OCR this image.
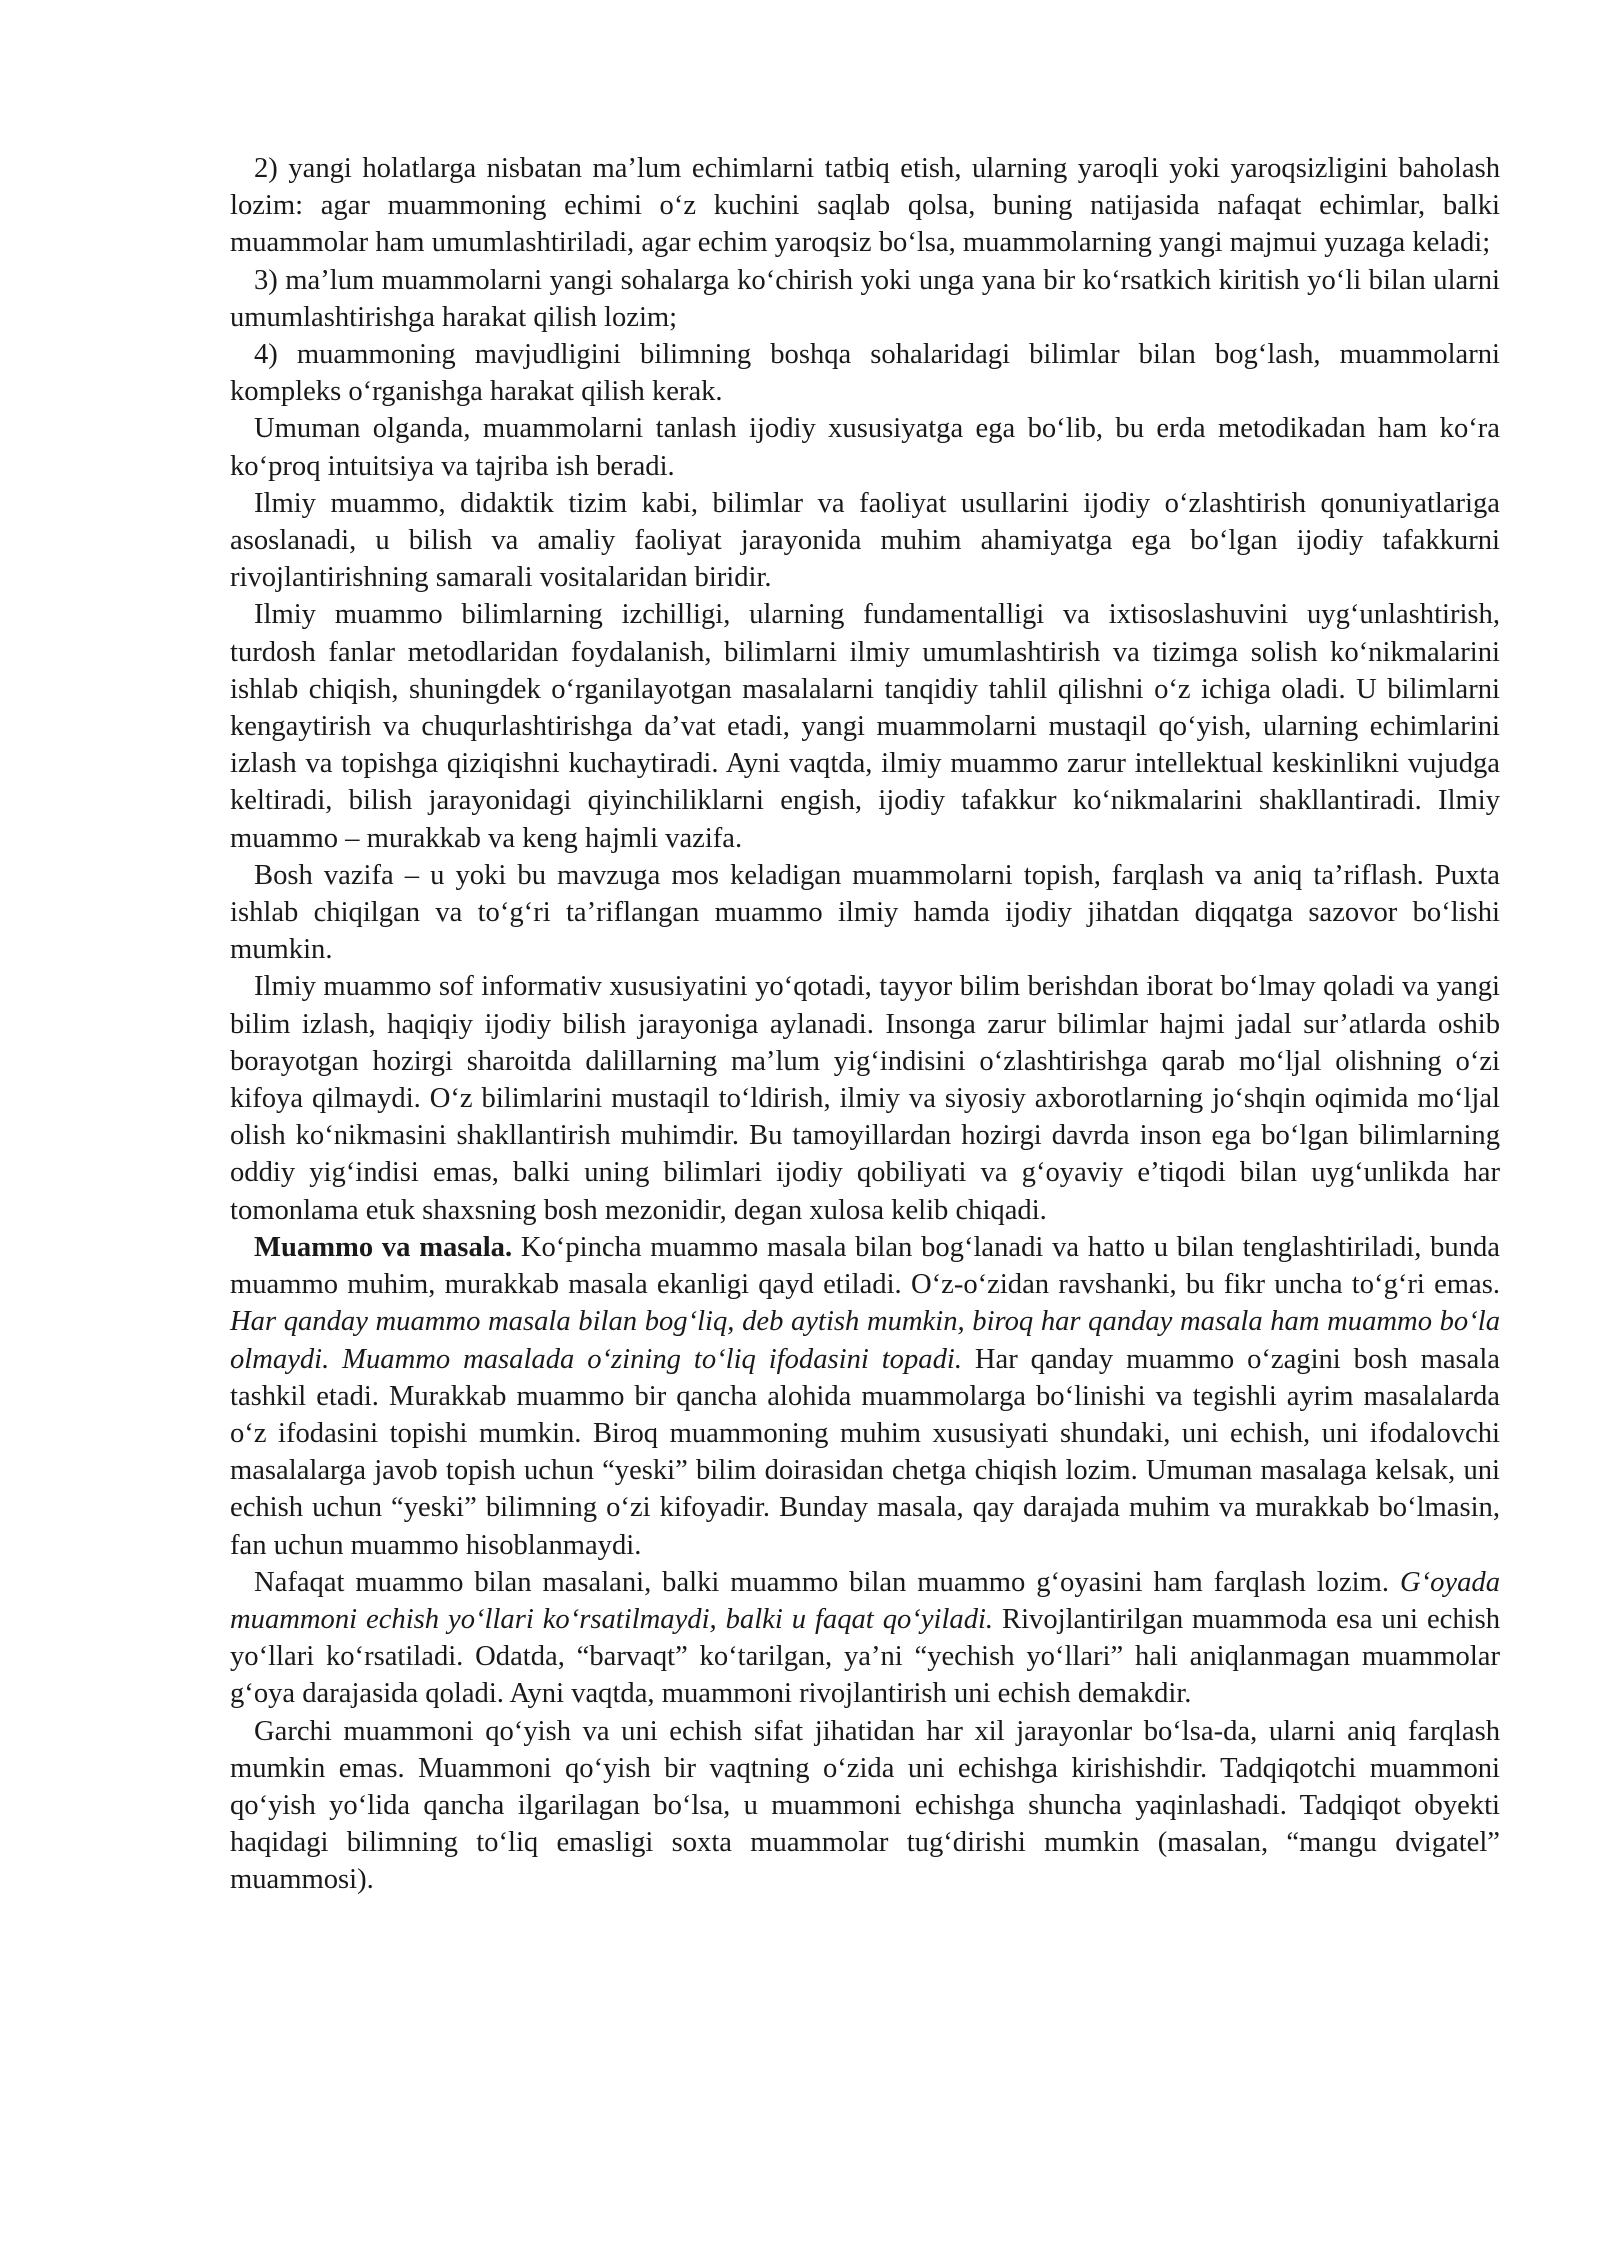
2) yangi holatlarga nisbatan ma’lum echimlarni tatbiq etish, ularning yaroqli yoki yaroqsizligini baholash lozim: agar muammoning echimi o‘z kuchini saqlab qolsa, buning natijasida nafaqat echimlar, balki muammolar ham umumlashtiriladi, agar echim yaroqsiz bo‘lsa, muammolarning yangi majmui yuzaga keladi;

3) ma’lum muammolarni yangi sohalarga ko‘chirish yoki unga yana bir ko‘rsatkich kiritish yo‘li bilan ularni umumlashtirishga harakat qilish lozim;

4) muammoning mavjudligini bilimning boshqa sohalaridagi bilimlar bilan bog‘lash, muammolarni kompleks o‘rganishga harakat qilish kerak.

Umuman olganda, muammolarni tanlash ijodiy xususiyatga ega bo‘lib, bu erda metodikadan ham ko‘ra ko‘proq intuitsiya va tajriba ish beradi.

Ilmiy muammo, didaktik tizim kabi, bilimlar va faoliyat usullarini ijodiy o‘zlashtirish qonuniyatlariga asoslanadi, u bilish va amaliy faoliyat jarayonida muhim ahamiyatga ega bo‘lgan ijodiy tafakkurni rivojlantirishning samarali vositalaridan biridir.

Ilmiy muammo bilimlarning izchilligi, ularning fundamentalligi va ixtisoslashuvini uyg‘unlashtirish, turdosh fanlar metodlaridan foydalanish, bilimlarni ilmiy umumlashtirish va tizimga solish ko‘nikmalarini ishlab chiqish, shuningdek o‘rganilayotgan masalalarni tanqidiy tahlil qilishni o‘z ichiga oladi. U bilimlarni kengaytirish va chuqurlashtirishga da’vat etadi, yangi muammolarni mustaqil qo‘yish, ularning echimlarini izlash va topishga qiziqishni kuchaytiradi. Ayni vaqtda, ilmiy muammo zarur intellektual keskinlikni vujudga keltiradi, bilish jarayonidagi qiyinchiliklarni engish, ijodiy tafakkur ko‘nikmalarini shakllantiradi. Ilmiy muammo – murakkab va keng hajmli vazifa.

Bosh vazifa – u yoki bu mavzuga mos keladigan muammolarni topish, farqlash va aniq ta’riflash. Puxta ishlab chiqilgan va to‘g‘ri ta’riflangan muammo ilmiy hamda ijodiy jihatdan diqqatga sazovor bo‘lishi mumkin.

Ilmiy muammo sof informativ xususiyatini yo‘qotadi, tayyor bilim berishdan iborat bo‘lmay qoladi va yangi bilim izlash, haqiqiy ijodiy bilish jarayoniga aylanadi. Insonga zarur bilimlar hajmi jadal sur’atlarda oshib borayotgan hozirgi sharoitda dalillarning ma’lum yig‘indisini o‘zlashtirishga qarab mo‘ljal olishning o‘zi kifoya qilmaydi. O‘z bilimlarini mustaqil to‘ldirish, ilmiy va siyosiy axborotlarning jo‘shqin oqimida mo‘ljal olish ko‘nikmasini shakllantirish muhimdir. Bu tamoyillardan hozirgi davrda inson ega bo‘lgan bilimlarning oddiy yig‘indisi emas, balki uning bilimlari ijodiy qobiliyati va g‘oyaviy e’tiqodi bilan uyg‘unlikda har tomonlama etuk shaxsning bosh mezonidir, degan xulosa kelib chiqadi.

Muammo va masala. Ko‘pincha muammo masala bilan bog‘lanadi va hatto u bilan tenglashtiriladi, bunda muammo muhim, murakkab masala ekanligi qayd etiladi. O‘z-o‘zidan ravshanki, bu fikr uncha to‘g‘ri emas. Har qanday muammo masala bilan bog‘liq, deb aytish mumkin, biroq har qanday masala ham muammo bo‘la olmaydi. Muammo masalada o‘zining to‘liq ifodasini topadi. Har qanday muammo o‘zagini bosh masala tashkil etadi. Murakkab muammo bir qancha alohida muammolarga bo‘linishi va tegishli ayrim masalalarda o‘z ifodasini topishi mumkin. Biroq muammoning muhim xususiyati shundaki, uni echish, uni ifodalovchi masalalarga javob topish uchun “yeski” bilim doirasidan chetga chiqish lozim. Umuman masalaga kelsak, uni echish uchun “yeski” bilimning o‘zi kifoyadir. Bunday masala, qay darajada muhim va murakkab bo‘lmasin, fan uchun muammo hisoblanmaydi.

Nafaqat muammo bilan masalani, balki muammo bilan muammo g‘oyasini ham farqlash lozim. G‘oyada muammoni echish yo‘llari ko‘rsatilmaydi, balki u faqat qo‘yiladi. Rivojlantirilgan muammoda esa uni echish yo‘llari ko‘rsatiladi. Odatda, “barvaqt” ko‘tarilgan, ya’ni “yechish yo‘llari” hali aniqlanmagan muammolar g‘oya darajasida qoladi. Ayni vaqtda, muammoni rivojlantirish uni echish demakdir.

Garchi muammoni qo‘yish va uni echish sifat jihatidan har xil jarayonlar bo‘lsa-da, ularni aniq farqlash mumkin emas. Muammoni qo‘yish bir vaqtning o‘zida uni echishga kirishishdir. Tadqiqotchi muammoni qo‘yish yo‘lida qancha ilgarilagan bo‘lsa, u muammoni echishga shuncha yaqinlashadi. Tadqiqot obyekti haqidagi bilimning to‘liq emasligi soxta muammolar tug‘dirishi mumkin (masalan, “mangu dvigatel” muammosi).
